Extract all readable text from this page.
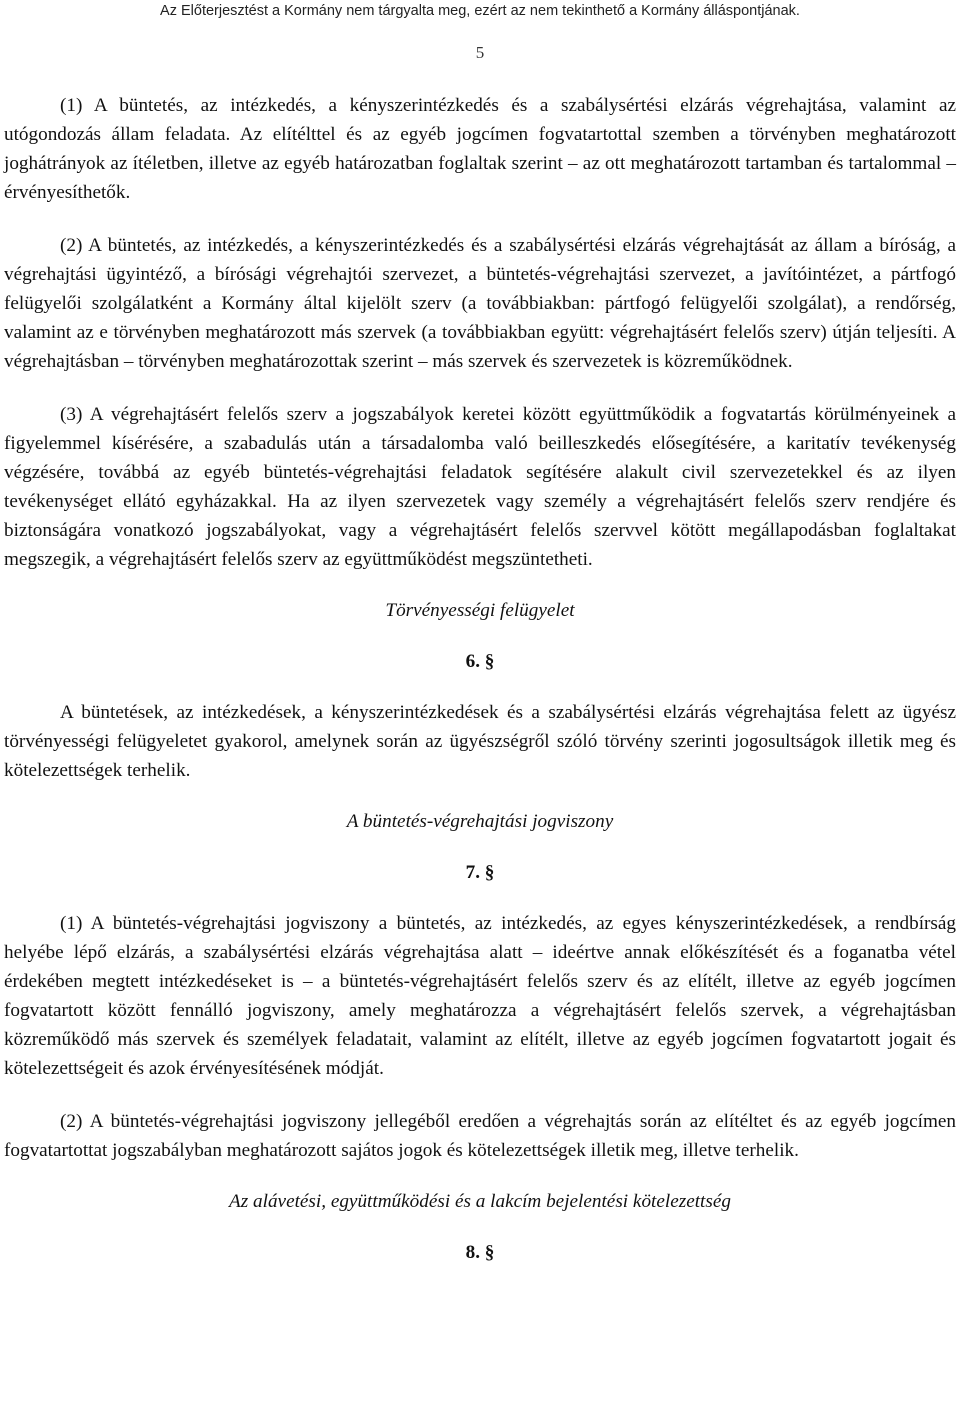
Az Előterjesztést a Kormány nem tárgyalta meg, ezért az nem tekinthető a Kormány álláspontjának.
5

(1) A büntetés, az intézkedés, a kényszerintézkedés és a szabálysértési elzárás végrehajtása, valamint az utógondozás állam feladata. Az elítélttel és az egyéb jogcímen fogvatartottal szemben a törvényben meghatározott joghátrányok az ítéletben, illetve az egyéb határozatban foglaltak szerint – az ott meghatározott tartamban és tartalommal – érvényesíthetők.

(2) A büntetés, az intézkedés, a kényszerintézkedés és a szabálysértési elzárás végrehajtását az állam a bíróság, a végrehajtási ügyintéző, a bírósági végrehajtói szervezet, a büntetés-végrehajtási szervezet, a javítóintézet, a pártfogó felügyelői szolgálatként a Kormány által kijelölt szerv (a továbbiakban: pártfogó felügyelői szolgálat), a rendőrség, valamint az e törvényben meghatározott más szervek (a továbbiakban együtt: végrehajtásért felelős szerv) útján teljesíti. A végrehajtásban – törvényben meghatározottak szerint – más szervek és szervezetek is közreműködnek.

(3) A végrehajtásért felelős szerv a jogszabályok keretei között együttműködik a fogvatartás körülményeinek a figyelemmel kísérésére, a szabadulás után a társadalomba való beilleszkedés elősegítésére, a karitatív tevékenység végzésére, továbbá az egyéb büntetés-végrehajtási feladatok segítésére alakult civil szervezetekkel és az ilyen tevékenységet ellátó egyházakkal. Ha az ilyen szervezetek vagy személy a végrehajtásért felelős szerv rendjére és biztonságára vonatkozó jogszabályokat, vagy a végrehajtásért felelős szervvel kötött megállapodásban foglaltakat megszegik, a végrehajtásért felelős szerv az együttműködést megszüntetheti.

Törvényességi felügyelet
6. §

A büntetések, az intézkedések, a kényszerintézkedések és a szabálysértési elzárás végrehajtása felett az ügyész törvényességi felügyeletet gyakorol, amelynek során az ügyészségről szóló törvény szerinti jogosultságok illetik meg és kötelezettségek terhelik.

A büntetés-végrehajtási jogviszony
7. §

(1) A büntetés-végrehajtási jogviszony a büntetés, az intézkedés, az egyes kényszerintézkedések, a rendbírság helyébe lépő elzárás, a szabálysértési elzárás végrehajtása alatt – ideértve annak előkészítését és a foganatba vétel érdekében megtett intézkedéseket is – a büntetés-végrehajtásért felelős szerv és az elítélt, illetve az egyéb jogcímen fogvatartott között fennálló jogviszony, amely meghatározza a végrehajtásért felelős szervek, a végrehajtásban közreműködő más szervek és személyek feladatait, valamint az elítélt, illetve az egyéb jogcímen fogvatartott jogait és kötelezettségeit és azok érvényesítésének módját.

(2) A büntetés-végrehajtási jogviszony jellegéből eredően a végrehajtás során az elítéltet és az egyéb jogcímen fogvatartottat jogszabályban meghatározott sajátos jogok és kötelezettségek illetik meg, illetve terhelik.

Az alávetési, együttműködési és a lakcím bejelentési kötelezettség
8. §
